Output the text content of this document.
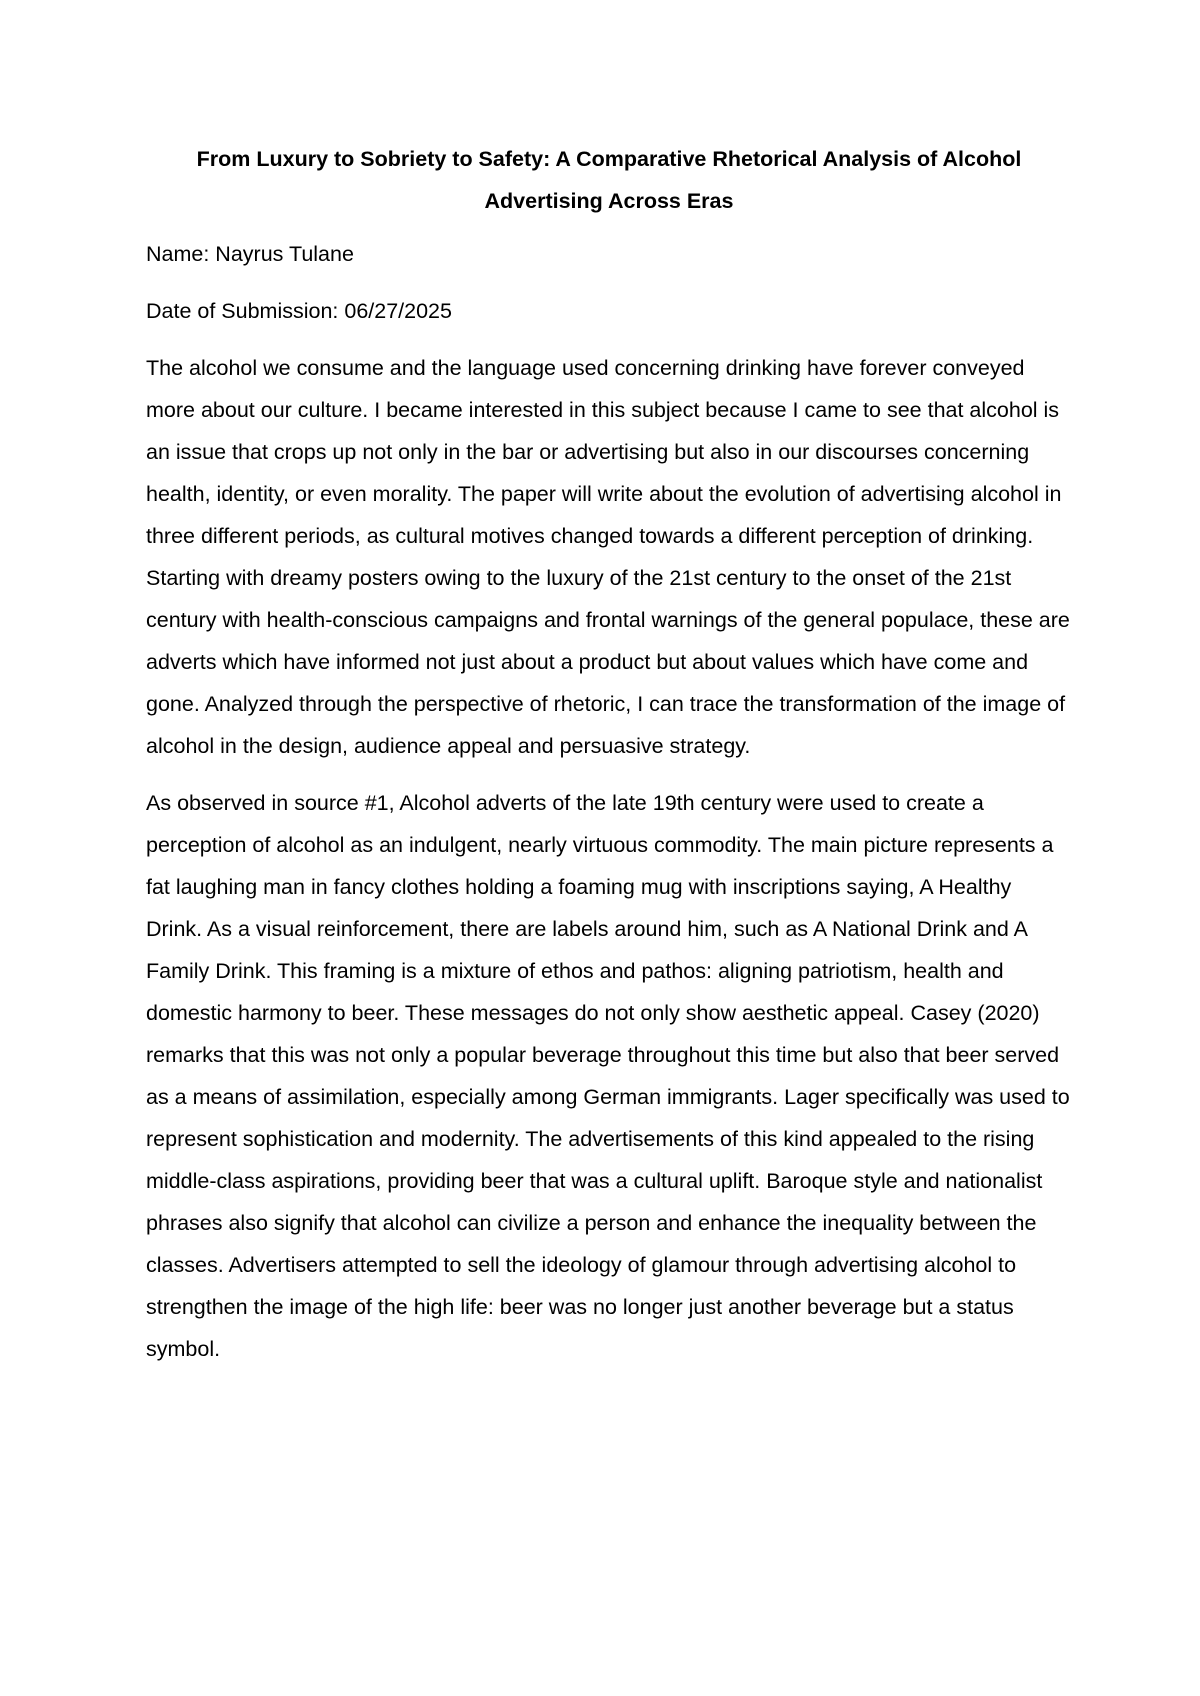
From Luxury to Sobriety to Safety: A Comparative Rhetorical Analysis of Alcohol Advertising Across Eras

Name: Nayrus Tulane

Date of Submission: 06/27/2025

The alcohol we consume and the language used concerning drinking have forever conveyed more about our culture. I became interested in this subject because I came to see that alcohol is an issue that crops up not only in the bar or advertising but also in our discourses concerning health, identity, or even morality. The paper will write about the evolution of advertising alcohol in three different periods, as cultural motives changed towards a different perception of drinking. Starting with dreamy posters owing to the luxury of the 21st century to the onset of the 21st century with health-conscious campaigns and frontal warnings of the general populace, these are adverts which have informed not just about a product but about values which have come and gone. Analyzed through the perspective of rhetoric, I can trace the transformation of the image of alcohol in the design, audience appeal and persuasive strategy.

As observed in source #1, Alcohol adverts of the late 19th century were used to create a perception of alcohol as an indulgent, nearly virtuous commodity. The main picture represents a fat laughing man in fancy clothes holding a foaming mug with inscriptions saying, A Healthy Drink. As a visual reinforcement, there are labels around him, such as A National Drink and A Family Drink. This framing is a mixture of ethos and pathos: aligning patriotism, health and domestic harmony to beer. These messages do not only show aesthetic appeal. Casey (2020) remarks that this was not only a popular beverage throughout this time but also that beer served as a means of assimilation, especially among German immigrants. Lager specifically was used to represent sophistication and modernity. The advertisements of this kind appealed to the rising middle-class aspirations, providing beer that was a cultural uplift. Baroque style and nationalist phrases also signify that alcohol can civilize a person and enhance the inequality between the classes. Advertisers attempted to sell the ideology of glamour through advertising alcohol to strengthen the image of the high life: beer was no longer just another beverage but a status symbol.
